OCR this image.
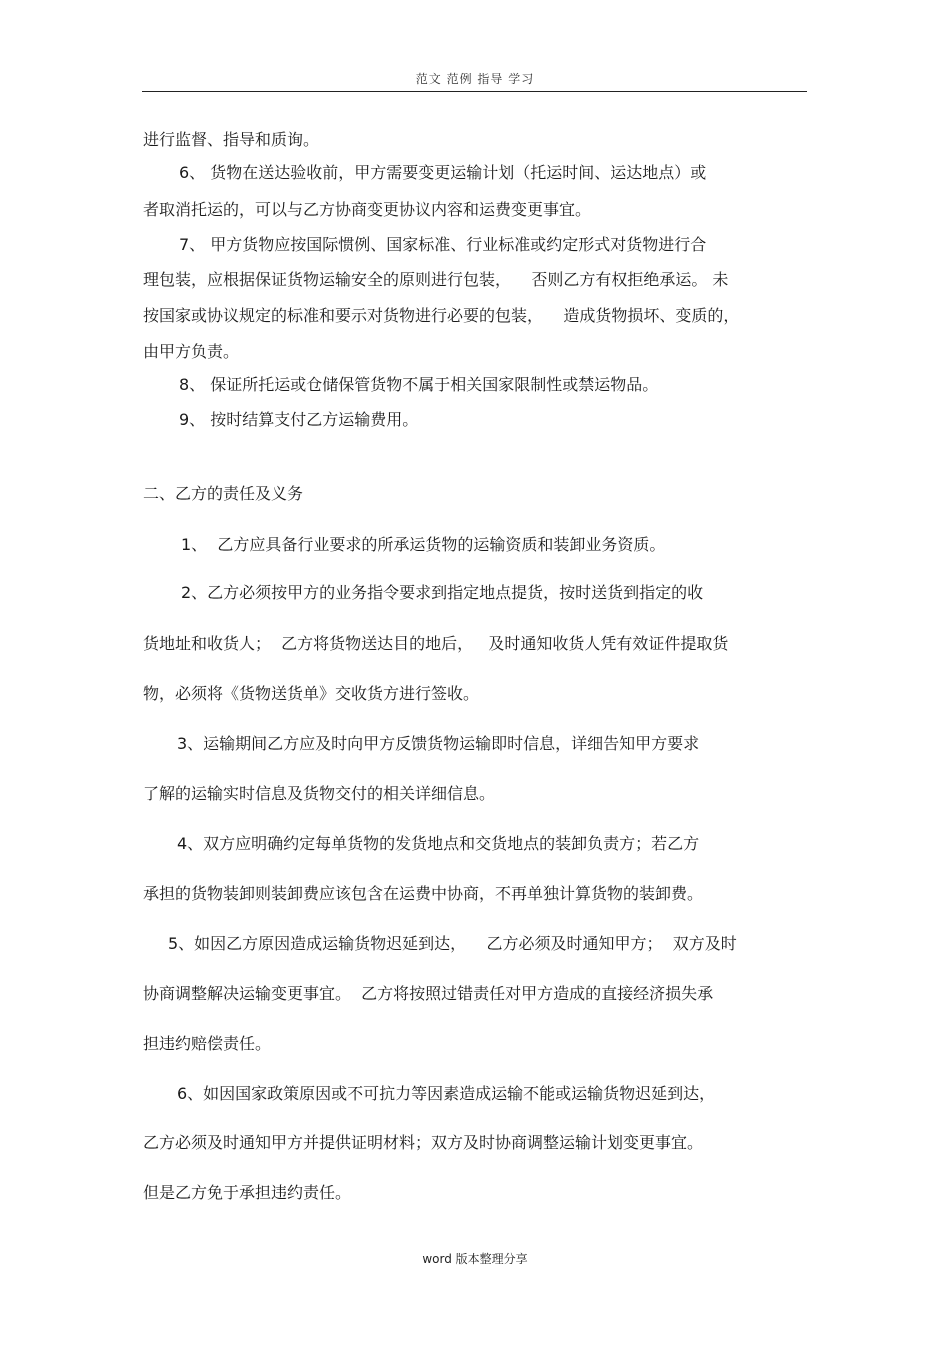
范文 范例 指导 学习
进行监督、指导和质询。
6、 货物在送达验收前，甲方需要变更运输计划（托运时间、运达地点）或
者取消托运的，可以与乙方协商变更协议内容和运费变更事宜。
7、 甲方货物应按国际惯例、国家标准、行业标准或约定形式对货物进行合
理包装，应根据保证货物运输安全的原则进行包装，    否则乙方有权拒绝承运。 未
按国家或协议规定的标准和要示对货物进行必要的包装，    造成货物损坏、变质的，
由甲方负责。
8、 保证所托运或仓储保管货物不属于相关国家限制性或禁运物品。
9、 按时结算支付乙方运输费用。
二、乙方的责任及义务
1、  乙方应具备行业要求的所承运货物的运输资质和装卸业务资质。
2、乙方必须按甲方的业务指令要求到指定地点提货，按时送货到指定的收
货地址和收货人；  乙方将货物送达目的地后，   及时通知收货人凭有效证件提取货
物，必须将《货物送货单》交收货方进行签收。
3、运输期间乙方应及时向甲方反馈货物运输即时信息，详细告知甲方要求
了解的运输实时信息及货物交付的相关详细信息。
4、双方应明确约定每单货物的发货地点和交货地点的装卸负责方；若乙方
承担的货物装卸则装卸费应该包含在运费中协商，不再单独计算货物的装卸费。
5、如因乙方原因造成运输货物迟延到达，    乙方必须及时通知甲方；  双方及时
协商调整解决运输变更事宜。  乙方将按照过错责任对甲方造成的直接经济损失承
担违约赔偿责任。
6、如因国家政策原因或不可抗力等因素造成运输不能或运输货物迟延到达，
乙方必须及时通知甲方并提供证明材料；双方及时协商调整运输计划变更事宜。
但是乙方免于承担违约责任。
word 版本整理分享
